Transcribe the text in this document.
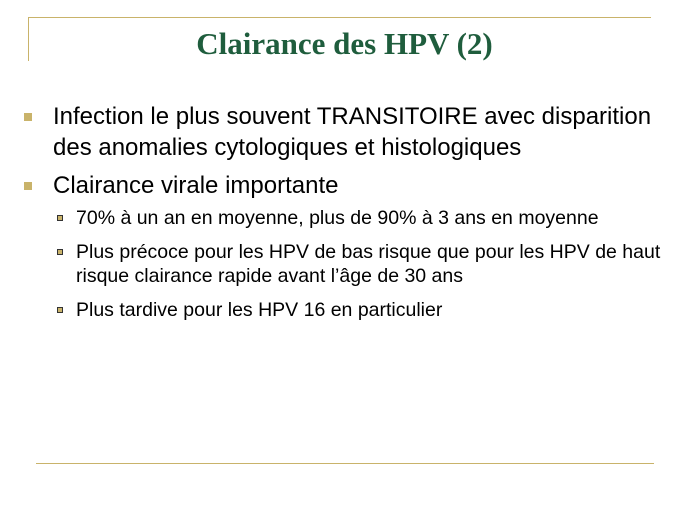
Clairance des HPV (2)
Infection le plus souvent TRANSITOIRE avec disparition des anomalies cytologiques et histologiques
Clairance virale importante
70% à un an en moyenne, plus de 90% à 3 ans en moyenne
Plus précoce pour les HPV de bas risque que pour les HPV de haut risque clairance rapide avant l’âge de 30 ans
Plus tardive pour les HPV 16 en particulier
